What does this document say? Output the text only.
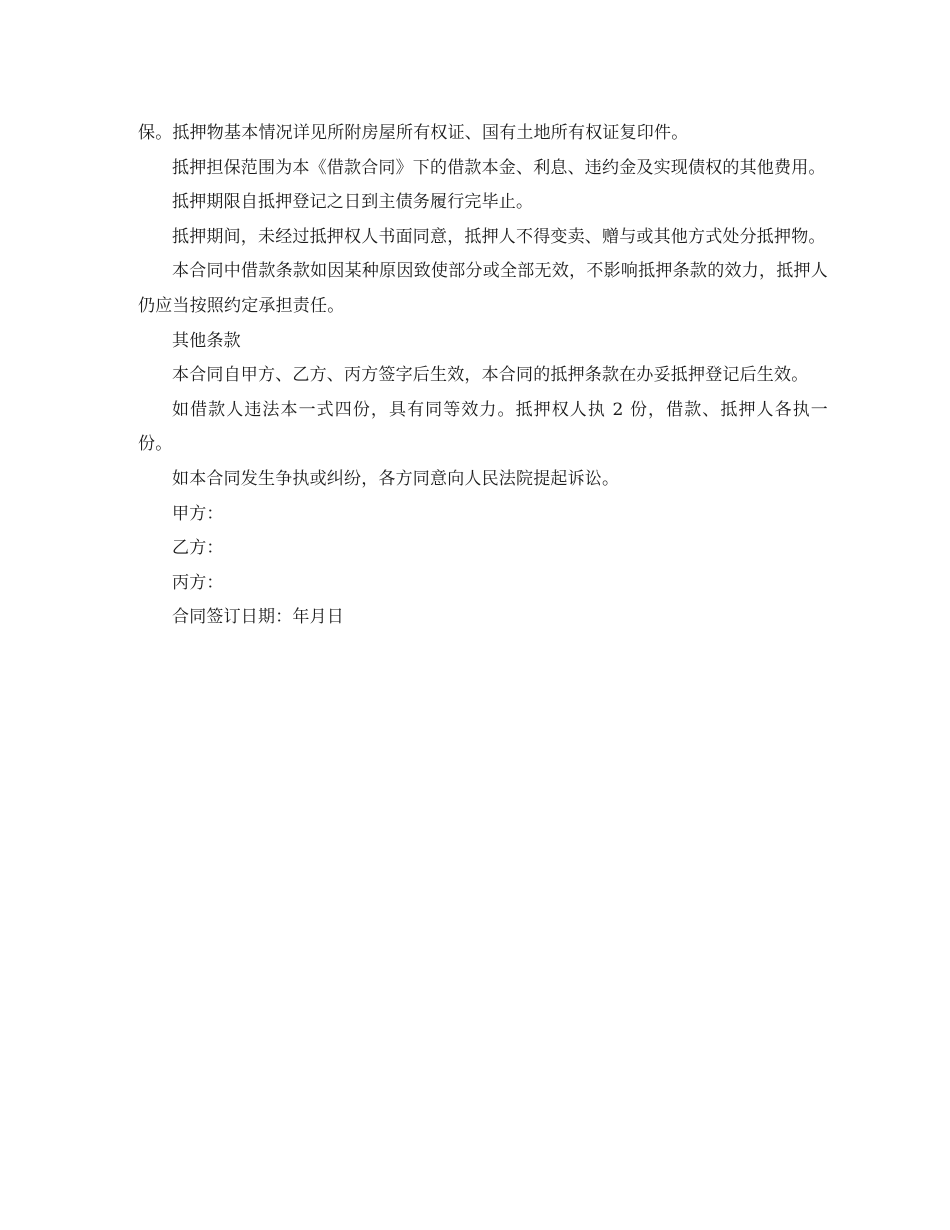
保。抵押物基本情况详见所附房屋所有权证、国有土地所有权证复印件。

抵押担保范围为本《借款合同》下的借款本金、利息、违约金及实现债权的其他费用。

抵押期限自抵押登记之日到主债务履行完毕止。

抵押期间，未经过抵押权人书面同意，抵押人不得变卖、赠与或其他方式处分抵押物。

本合同中借款条款如因某种原因致使部分或全部无效，不影响抵押条款的效力，抵押人仍应当按照约定承担责任。

其他条款

本合同自甲方、乙方、丙方签字后生效，本合同的抵押条款在办妥抵押登记后生效。

如借款人违法本一式四份，具有同等效力。抵押权人执 2 份，借款、抵押人各执一份。

如本合同发生争执或纠纷，各方同意向人民法院提起诉讼。

甲方：

乙方：

丙方：

合同签订日期：年月日
